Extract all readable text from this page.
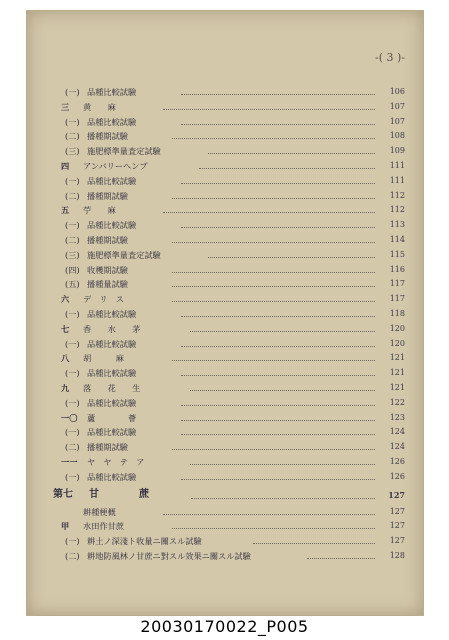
-( 3 )-
(一) 品種比較試驗	106
三 黄　　麻	107
(一) 品種比較試驗	107
(二) 播種期試驗	108
(三) 施肥標準量査定試驗	109
四 アンバリーヘンプ	111
(一) 品種比較試驗	111
(二) 播種期試驗	112
五 苧　　麻	112
(一) 品種比較試驗	113
(二) 播種期試驗	114
(三) 施肥標準量査定試驗	115
(四) 收穫期試驗	116
(五) 播種量試驗	117
六 デ　リ　ス	117
(一) 品種比較試驗	118
七 香　　水　　茅	120
(一) 品種比較試驗	120
八 胡　　　麻	121
(一) 品種比較試驗	121
九 落　　花　　生	121
(一) 品種比較試驗	122
一〇 蘆　　　　薈	123
(一) 品種比較試驗	124
(二) 播種期試驗	124
一一 ヤ　ヤ　テ　ア	126
(一) 品種比較試驗	126
第七 甘　　　　蔗	127
耕種梗概	127
甲 水田作甘蔗	127
(一) 耕土ノ深淺ト收量ニ關スル試驗	127
(二) 耕地防風林ノ甘蔗ニ對スル效果ニ關スル試驗	128
20030170022_P005
